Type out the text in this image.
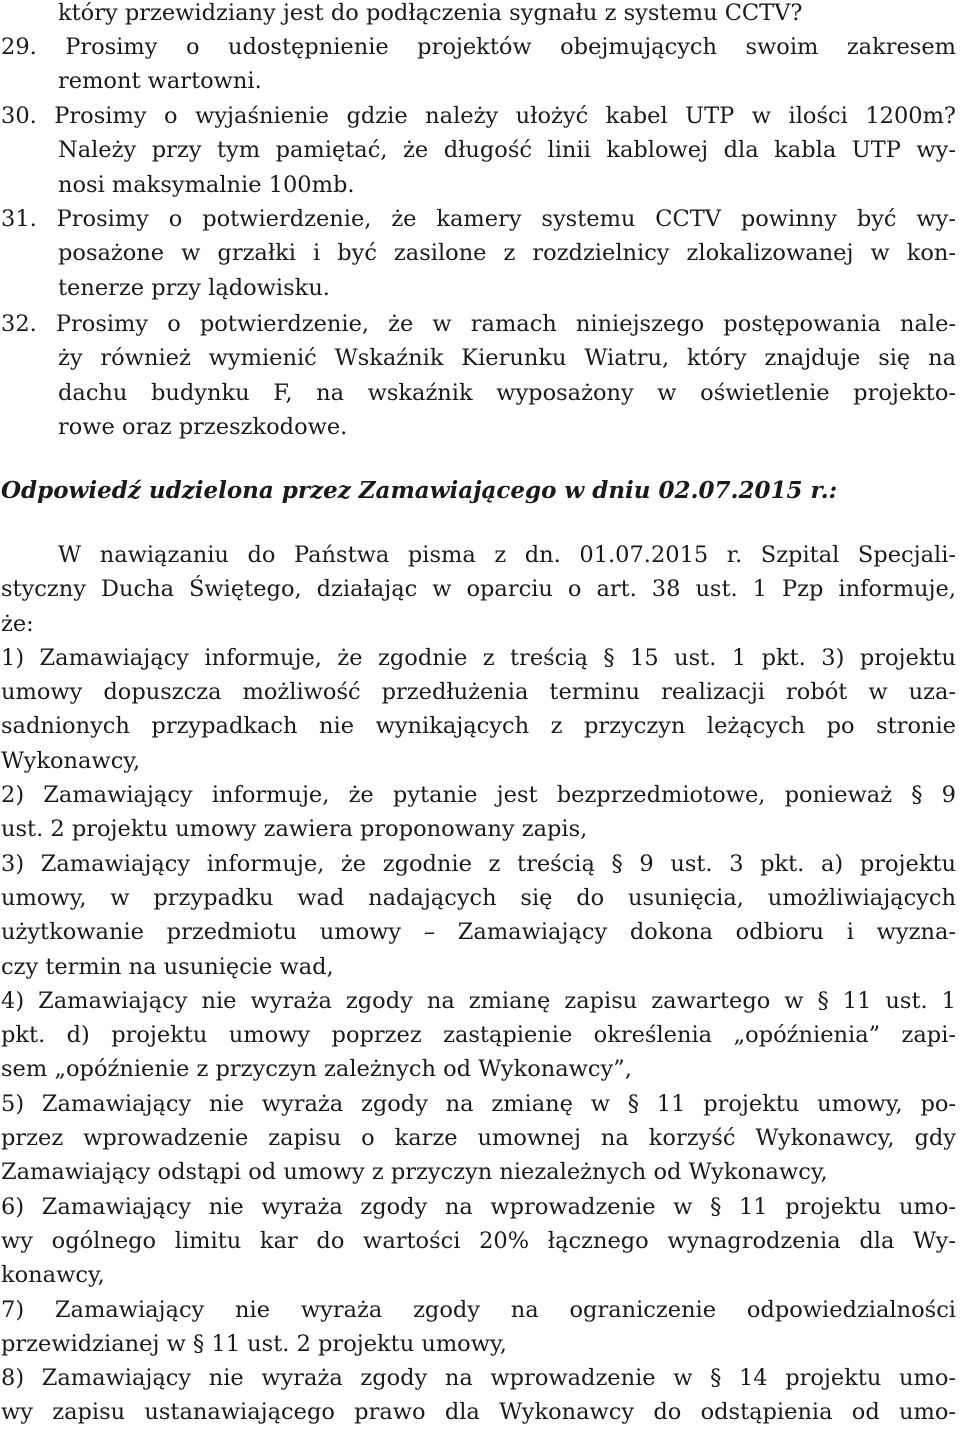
który przewidziany jest do podłączenia sygnału z systemu CCTV?
29. Prosimy o udostępnienie projektów obejmujących swoim zakresem
remont wartowni.
30. Prosimy o wyjaśnienie gdzie należy ułożyć kabel UTP w ilości 1200m?
Należy przy tym pamiętać, że długość linii kablowej dla kabla UTP wy-
nosi maksymalnie 100mb.
31. Prosimy o potwierdzenie, że kamery systemu CCTV powinny być wy-
posażone w grzałki i być zasilone z rozdzielnicy zlokalizowanej w kon-
tenerze przy lądowisku.
32. Prosimy o potwierdzenie, że w ramach niniejszego postępowania nale-
ży również wymienić Wskaźnik Kierunku Wiatru, który znajduje się na
dachu budynku F, na wskaźnik wyposażony w oświetlenie projekto-
rowe oraz przeszkodowe.
Odpowiedź udzielona przez Zamawiającego w dniu 02.07.2015 r.:
W nawiązaniu do Państwa pisma z dn. 01.07.2015 r. Szpital Specjali-
styczny Ducha Świętego, działając w oparciu o art. 38 ust. 1 Pzp informuje,
że:
1) Zamawiający informuje, że zgodnie z treścią § 15 ust. 1 pkt. 3) projektu
umowy dopuszcza możliwość przedłużenia terminu realizacji robót w uza-
sadnionych przypadkach nie wynikających z przyczyn leżących po stronie
Wykonawcy,
2) Zamawiający informuje, że pytanie jest bezprzedmiotowe, ponieważ § 9
ust. 2 projektu umowy zawiera proponowany zapis,
3) Zamawiający informuje, że zgodnie z treścią § 9 ust. 3 pkt. a) projektu
umowy, w przypadku wad nadających się do usunięcia, umożliwiających
użytkowanie przedmiotu umowy – Zamawiający dokona odbioru i wyzna-
czy termin na usunięcie wad,
4) Zamawiający nie wyraża zgody na zmianę zapisu zawartego w § 11 ust. 1
pkt. d) projektu umowy poprzez zastąpienie określenia „opóźnienia” zapi-
sem „opóźnienie z przyczyn zależnych od Wykonawcy”,
5) Zamawiający nie wyraża zgody na zmianę w § 11 projektu umowy, po-
przez wprowadzenie zapisu o karze umownej na korzyść Wykonawcy, gdy
Zamawiający odstąpi od umowy z przyczyn niezależnych od Wykonawcy,
6) Zamawiający nie wyraża zgody na wprowadzenie w § 11 projektu umo-
wy ogólnego limitu kar do wartości 20% łącznego wynagrodzenia dla Wy-
konawcy,
7) Zamawiający nie wyraża zgody na ograniczenie odpowiedzialności
przewidzianej w § 11 ust. 2 projektu umowy,
8) Zamawiający nie wyraża zgody na wprowadzenie w § 14 projektu umo-
wy zapisu ustanawiającego prawo dla Wykonawcy do odstąpienia od umo-
